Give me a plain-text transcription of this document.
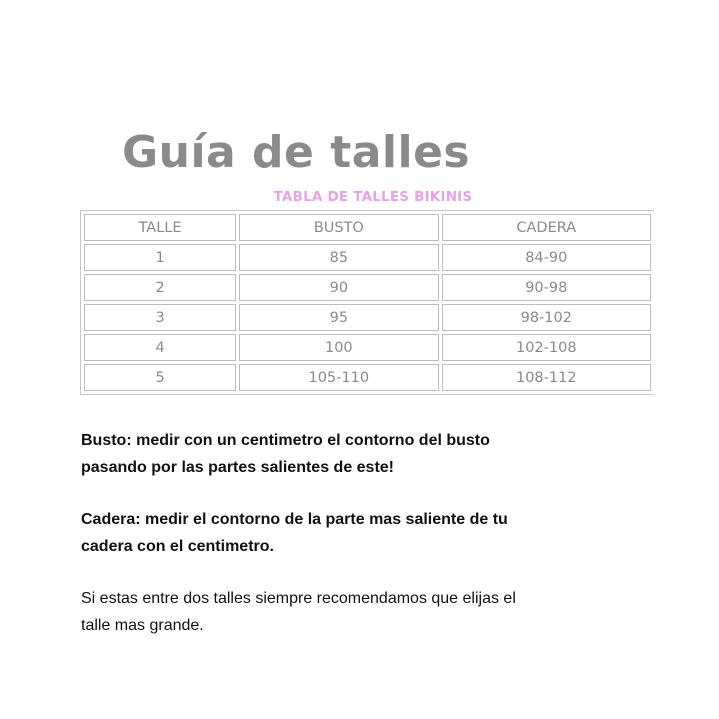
Guía de talles
TABLA DE TALLES BIKINIS
TALLE	BUSTO	CADERA
1	85	84-90
2	90	90-98
3	95	98-102
4	100	102-108
5	105-110	108-112

Busto: medir con un centimetro el contorno del busto pasando por las partes salientes de este!

Cadera: medir el contorno de la parte mas saliente de tu cadera con el centimetro.

Si estas entre dos talles siempre recomendamos que elijas el talle mas grande.
